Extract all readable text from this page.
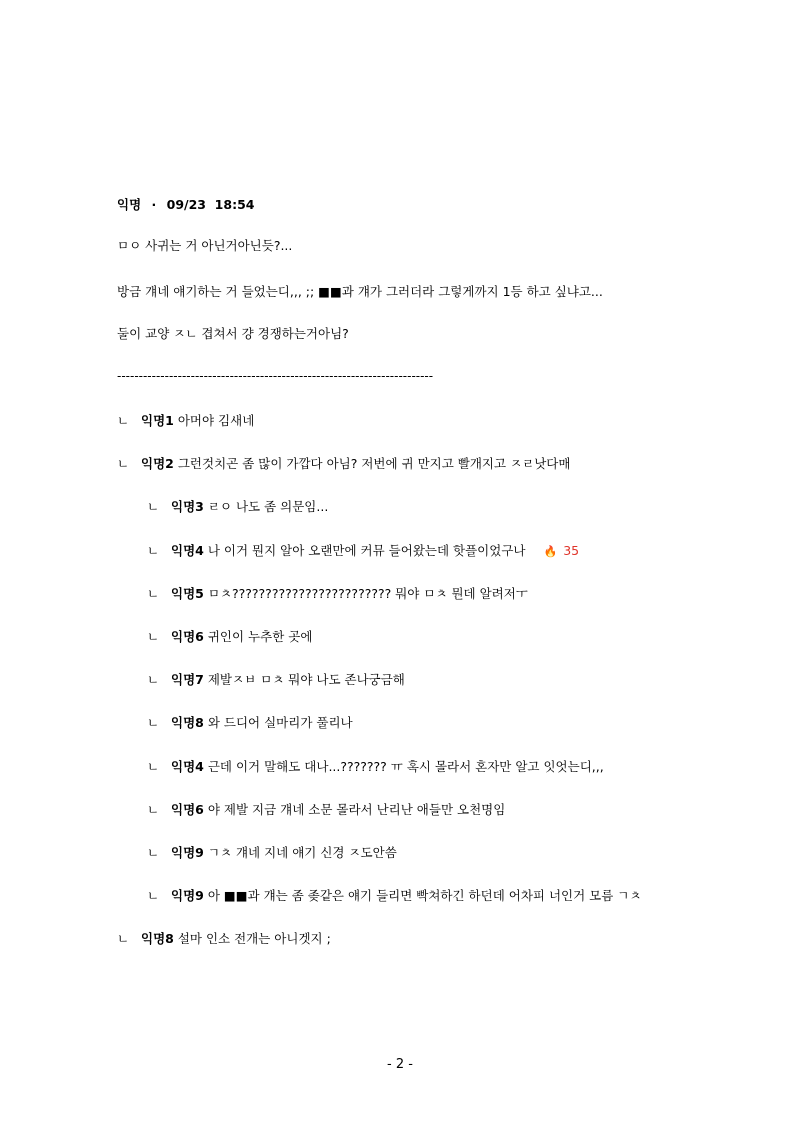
익명 · 09/23  18:54
ㅁㅇ 사귀는 거 아닌거아닌듯?...
방금 걔네 얘기하는 거 들었는디,,, ;; ■■과 걔가 그러더라 그렇게까지 1등 하고 싶냐고...
둘이 교양 ㅈㄴ 겹쳐서 걍 경쟁하는거아님?
-------------------------------------------------------------------------
ㄴ 익명1 아머야 김새네
ㄴ 익명2 그런것치곤 좀 많이 가깝다 아님? 저번에 귀 만지고 빨개지고 ㅈㄹ낫다매
ㄴ 익명3 ㄹㅇ 나도 좀 의문임...
ㄴ 익명4 나 이거 뭔지 알아 오랜만에 커뮤 들어왔는데 핫플이었구나 🔥 35
ㄴ 익명5 ㅁㅊ???????????????????????? 뭐야 ㅁㅊ 뭔데 알려저ㅜ
ㄴ 익명6 귀인이 누추한 곳에
ㄴ 익명7 제발ㅈㅂ ㅁㅊ 뭐야 나도 존나궁금해
ㄴ 익명8 와 드디어 실마리가 풀리나
ㄴ 익명4 근데 이거 말해도 대나...??????? ㅠ 혹시 몰라서 혼자만 알고 잇엇는디,,,
ㄴ 익명6 야 제발 지금 걔네 소문 몰라서 난리난 애들만 오천명임
ㄴ 익명9 ㄱㅊ 걔네 지네 얘기 신경 ㅈ도안씀
ㄴ 익명9 아 ■■과 걔는 좀 좆같은 얘기 들리면 빡쳐하긴 하던데 어차피 너인거 모름 ㄱㅊ
ㄴ 익명8 설마 인소 전개는 아니겟지 ;
- 2 -
